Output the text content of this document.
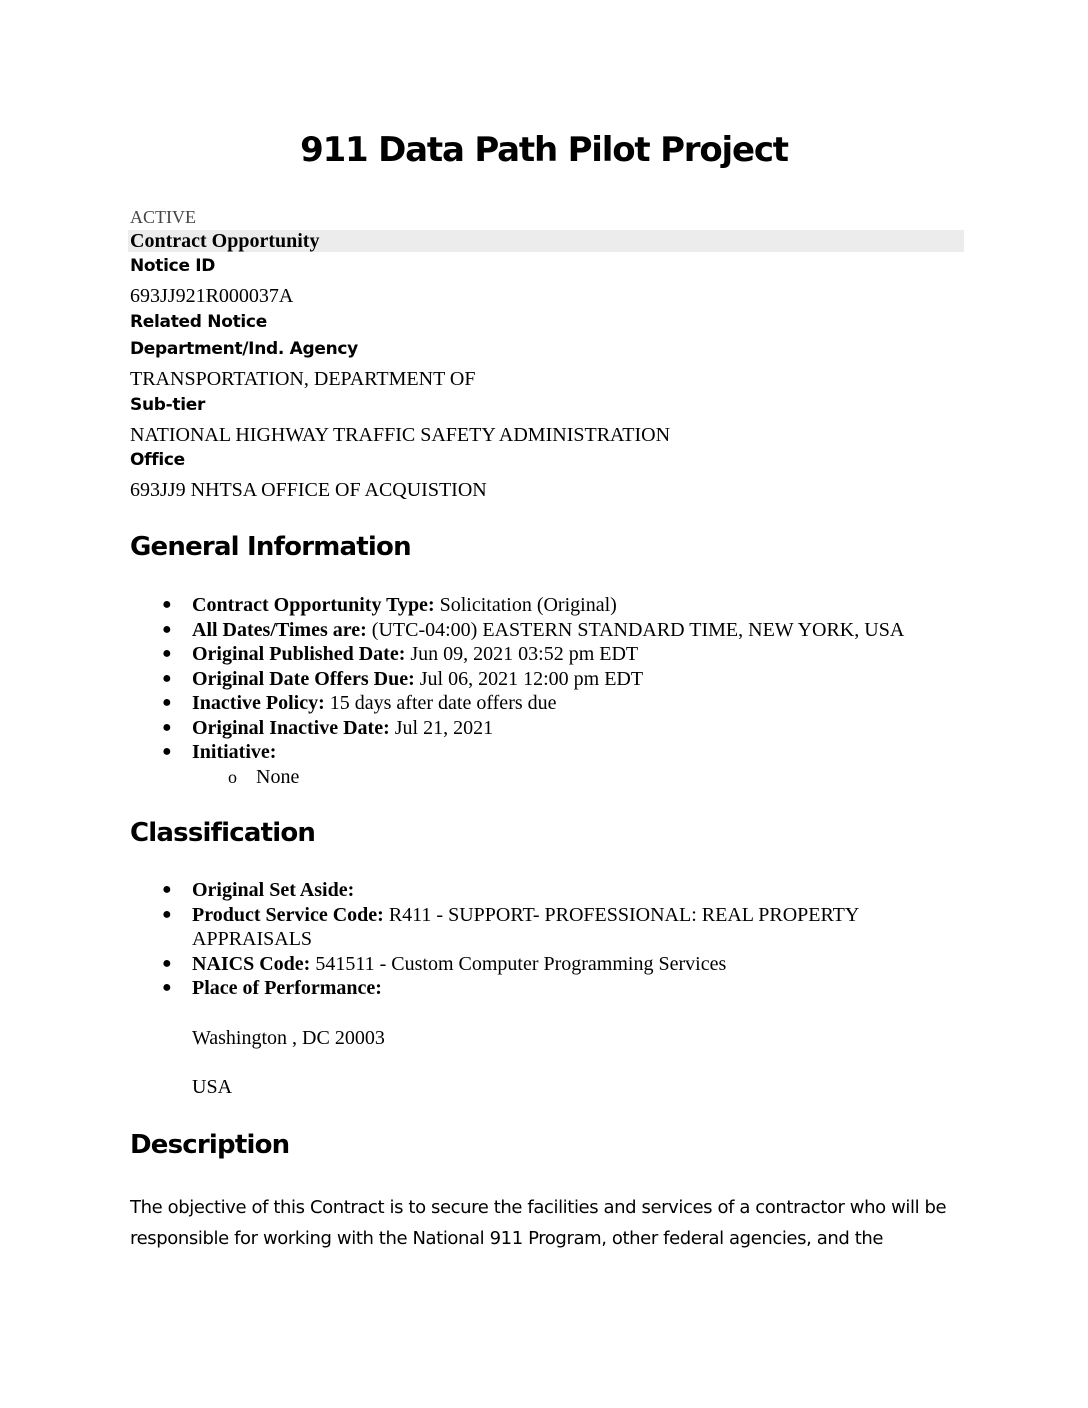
911 Data Path Pilot Project

ACTIVE

Contract Opportunity

Notice ID

693JJ921R000037A

Related Notice

Department/Ind. Agency

TRANSPORTATION, DEPARTMENT OF

Sub-tier

NATIONAL HIGHWAY TRAFFIC SAFETY ADMINISTRATION

Office

693JJ9 NHTSA OFFICE OF ACQUISTION

General Information
● Contract Opportunity Type: Solicitation (Original)
● All Dates/Times are: (UTC-04:00) EASTERN STANDARD TIME, NEW YORK, USA
● Original Published Date: Jun 09, 2021 03:52 pm EDT
● Original Date Offers Due: Jul 06, 2021 12:00 pm EDT
● Inactive Policy: 15 days after date offers due
● Original Inactive Date: Jul 21, 2021
● Initiative:
o None
Classification
● Original Set Aside:
● Product Service Code: R411 - SUPPORT- PROFESSIONAL: REAL PROPERTY APPRAISALS
● NAICS Code: 541511 - Custom Computer Programming Services
● Place of Performance:

Washington , DC 20003

USA

Description

The objective of this Contract is to secure the facilities and services of a contractor who will be responsible for working with the National 911 Program, other federal agencies, and the
